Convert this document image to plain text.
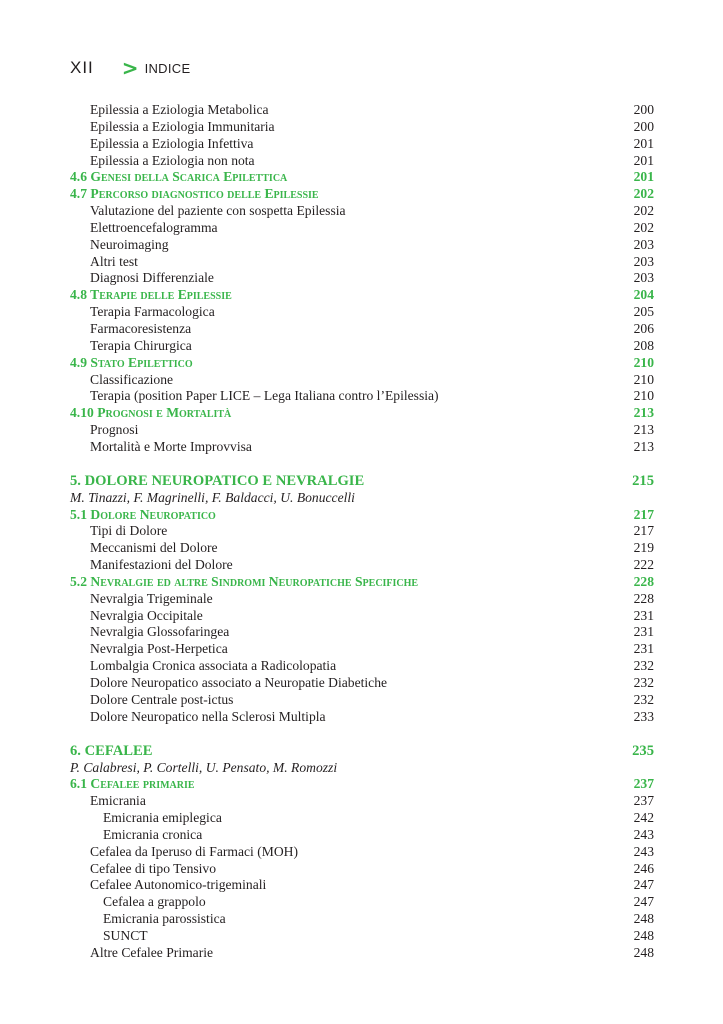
XII > INDICE
Epilessia a Eziologia Metabolica	200
Epilessia a Eziologia Immunitaria	200
Epilessia a Eziologia Infettiva	201
Epilessia a Eziologia non nota	201
4.6 Genesi della Scarica Epilettica	201
4.7 Percorso diagnostico delle Epilessie	202
Valutazione del paziente con sospetta Epilessia	202
Elettroencefalogramma	202
Neuroimaging	203
Altri test	203
Diagnosi Differenziale	203
4.8 Terapie delle Epilessie	204
Terapia Farmacologica	205
Farmacoresistenza	206
Terapia Chirurgica	208
4.9 Stato Epilettico	210
Classificazione	210
Terapia (position Paper LICE – Lega Italiana contro l’Epilessia)	210
4.10 Prognosi e Mortalità	213
Prognosi	213
Mortalità e Morte Improvvisa	213
5. DOLORE NEUROPATICO E NEVRALGIE	215
M. Tinazzi, F. Magrinelli, F. Baldacci, U. Bonuccelli
5.1 Dolore Neuropatico	217
Tipi di Dolore	217
Meccanismi del Dolore	219
Manifestazioni del Dolore	222
5.2 Nevralgie ed altre Sindromi Neuropatiche Specifiche	228
Nevralgia Trigeminale	228
Nevralgia Occipitale	231
Nevralgia Glossofaringea	231
Nevralgia Post-Herpetica	231
Lombalgia Cronica associata a Radicolopatia	232
Dolore Neuropatico associato a Neuropatie Diabetiche	232
Dolore Centrale post-ictus	232
Dolore Neuropatico nella Sclerosi Multipla	233
6. CEFALEE	235
P. Calabresi, P. Cortelli, U. Pensato, M. Romozzi
6.1 Cefalee primarie	237
Emicrania	237
Emicrania emiplegica	242
Emicrania cronica	243
Cefalea da Iperuso di Farmaci (MOH)	243
Cefalee di tipo Tensivo	246
Cefalee Autonomico-trigeminali	247
Cefalea a grappolo	247
Emicrania parossistica	248
SUNCT	248
Altre Cefalee Primarie	248
